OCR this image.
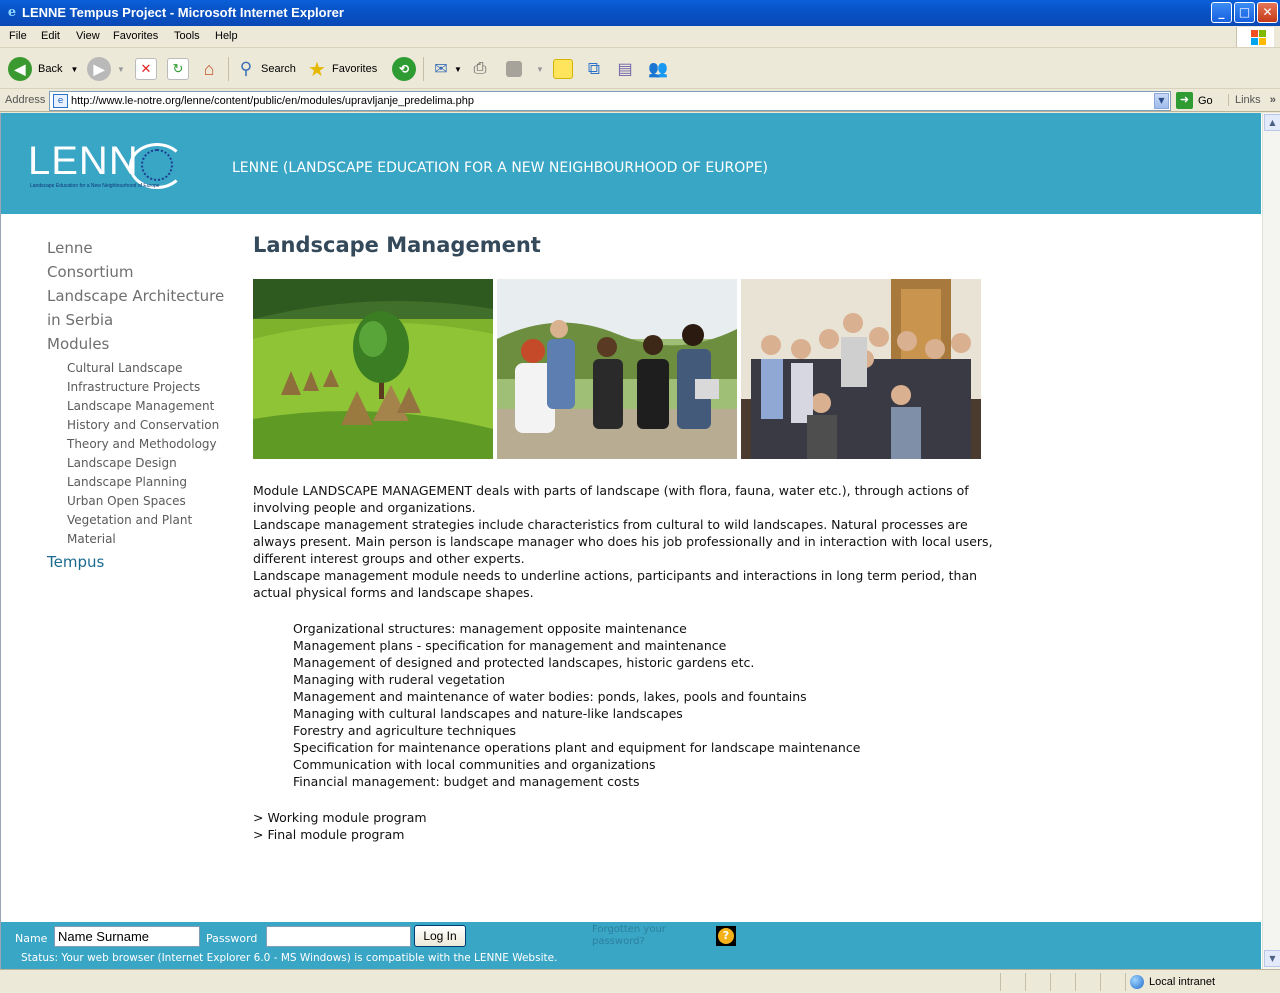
e LENNE Tempus Project - Microsoft Internet Explorer	_	□	✕
File Edit View Favorites Tools Help
◀	Back ▼	▶	▼	✕	↻	⌂	⚲ Search ★ Favorites	⟲	✉ ▼ ⎙	▼	⧉	▤ 👥
Address	e http://www.le-notre.org/lenne/content/public/en/modules/upravljanje_predelima.php	▼	➜ Go	Links »
LENN
Landscape Education for a New Neighbourhood of Europe
LENNE (LANDSCAPE EDUCATION FOR A NEW NEIGHBOURHOOD OF EUROPE)
Lenne
Consortium
Landscape Architecture
in Serbia
Modules
Cultural Landscape
Infrastructure Projects
Landscape Management
History and Conservation
Theory and Methodology
Landscape Design
Landscape Planning
Urban Open Spaces
Vegetation and Plant
Material
Tempus
Landscape Management

Module LANDSCAPE MANAGEMENT deals with parts of landscape (with flora, fauna, water etc.), through actions of involving people and organizations.

Landscape management strategies include characteristics from cultural to wild landscapes. Natural processes are always present. Main person is landscape manager who does his job professionally and in interaction with local users, different interest groups and other experts.

Landscape management module needs to underline actions, participants and interactions in long term period, than actual physical forms and landscape shapes.

Organizational structures: management opposite maintenance
Management plans - specification for management and maintenance
Management of designed and protected landscapes, historic gardens etc.
Managing with ruderal vegetation
Management and maintenance of water bodies: ponds, lakes, pools and fountains
Managing with cultural landscapes and nature-like landscapes
Forestry and agriculture techniques
Specification for maintenance operations plant and equipment for landscape maintenance
Communication with local communities and organizations
Financial management: budget and management costs
> Working module program
> Final module program
Name
Name Surname	Password	Log In	Forgotten your password?	?
Status: Your web browser (Internet Explorer 6.0 - MS Windows) is compatible with the LENNE Website.
▲
▼
Local intranet
